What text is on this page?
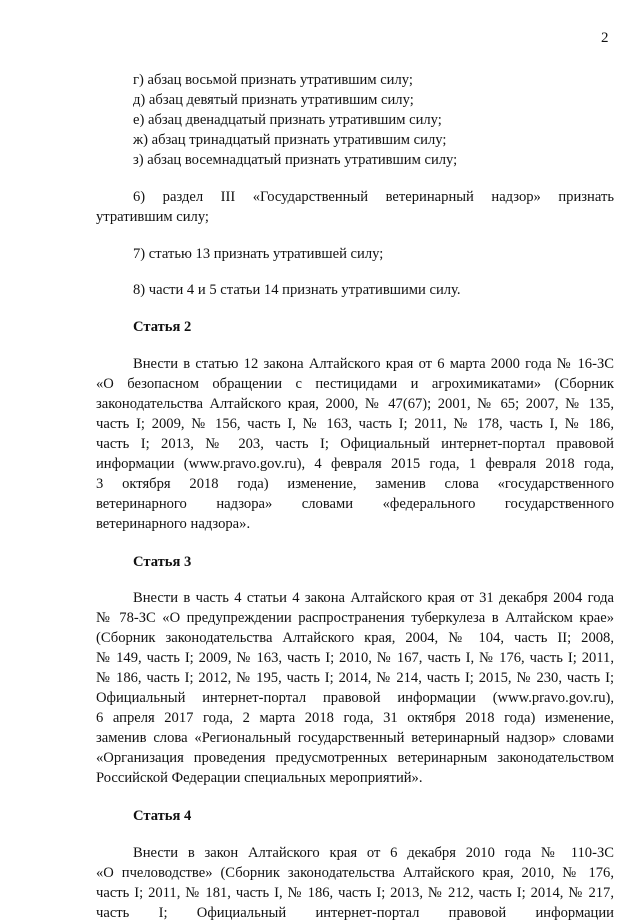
2
г) абзац восьмой признать утратившим силу;
д) абзац девятый признать утратившим силу;
е) абзац двенадцатый признать утратившим силу;
ж) абзац тринадцатый признать утратившим силу;
з) абзац восемнадцатый признать утратившим силу;
6) раздел III «Государственный ветеринарный надзор» признать
утратившим силу;
7) статью 13 признать утратившей силу;
8) части 4 и 5 статьи 14 признать утратившими силу.
Статья 2
Внести в статью 12 закона Алтайского края от 6 марта 2000 года № 16-ЗС
«О безопасном обращении с пестицидами и агрохимикатами» (Сборник
законодательства Алтайского края, 2000, № 47(67); 2001, № 65; 2007, № 135,
часть I; 2009, № 156, часть I, № 163, часть I; 2011, № 178, часть I, № 186,
часть I; 2013, № 203, часть I; Официальный интернет-портал правовой
информации (www.pravo.gov.ru), 4 февраля 2015 года, 1 февраля 2018 года,
3 октября 2018 года) изменение, заменив слова «государственного
ветеринарного надзора» словами «федерального государственного
ветеринарного надзора».
Статья 3
Внести в часть 4 статьи 4 закона Алтайского края от 31 декабря 2004 года
№ 78-ЗС «О предупреждении распространения туберкулеза в Алтайском крае»
(Сборник законодательства Алтайского края, 2004, № 104, часть II; 2008,
№ 149, часть I; 2009, № 163, часть I; 2010, № 167, часть I, № 176, часть I; 2011,
№ 186, часть I; 2012, № 195, часть I; 2014, № 214, часть I; 2015, № 230, часть I;
Официальный интернет-портал правовой информации (www.pravo.gov.ru),
6 апреля 2017 года, 2 марта 2018 года, 31 октября 2018 года) изменение,
заменив слова «Региональный государственный ветеринарный надзор» словами
«Организация проведения предусмотренных ветеринарным законодательством
Российской Федерации специальных мероприятий».
Статья 4
Внести в закон Алтайского края от 6 декабря 2010 года № 110-ЗС
«О пчеловодстве» (Сборник законодательства Алтайского края, 2010, № 176,
часть I; 2011, № 181, часть I, № 186, часть I; 2013, № 212, часть I; 2014, № 217,
часть I; Официальный интернет-портал правовой информации
